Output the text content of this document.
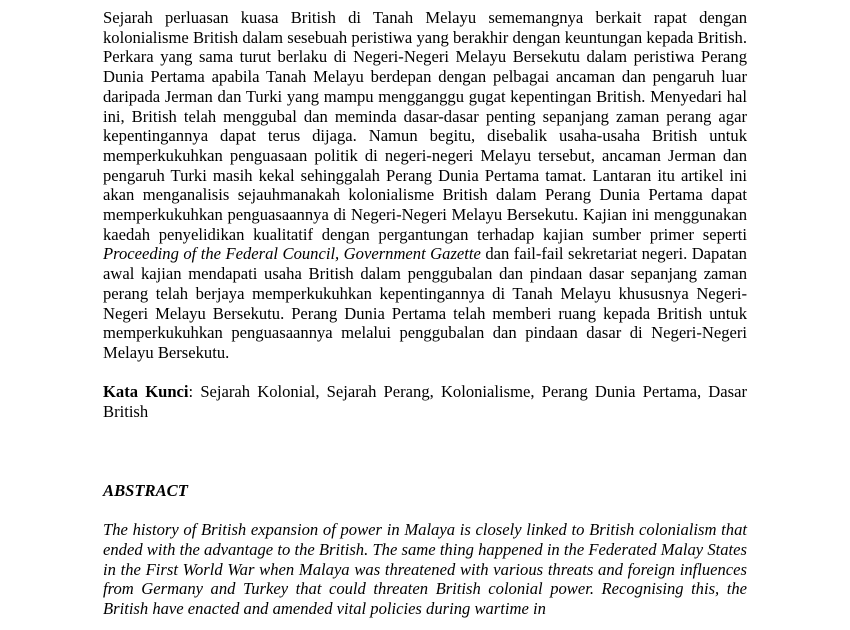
Sejarah perluasan kuasa British di Tanah Melayu sememangnya berkait rapat dengan kolonialisme British dalam sesebuah peristiwa yang berakhir dengan keuntungan kepada British. Perkara yang sama turut berlaku di Negeri-Negeri Melayu Bersekutu dalam peristiwa Perang Dunia Pertama apabila Tanah Melayu berdepan dengan pelbagai ancaman dan pengaruh luar daripada Jerman dan Turki yang mampu mengganggu gugat kepentingan British. Menyedari hal ini, British telah menggubal dan meminda dasar-dasar penting sepanjang zaman perang agar kepentingannya dapat terus dijaga. Namun begitu, disebalik usaha-usaha British untuk memperkukuhkan penguasaan politik di negeri-negeri Melayu tersebut, ancaman Jerman dan pengaruh Turki masih kekal sehinggalah Perang Dunia Pertama tamat. Lantaran itu artikel ini akan menganalisis sejauhmanakah kolonialisme British dalam Perang Dunia Pertama dapat memperkukuhkan penguasaannya di Negeri-Negeri Melayu Bersekutu. Kajian ini menggunakan kaedah penyelidikan kualitatif dengan pergantungan terhadap kajian sumber primer seperti Proceeding of the Federal Council, Government Gazette dan fail-fail sekretariat negeri. Dapatan awal kajian mendapati usaha British dalam penggubalan dan pindaan dasar sepanjang zaman perang telah berjaya memperkukuhkan kepentingannya di Tanah Melayu khususnya Negeri-Negeri Melayu Bersekutu. Perang Dunia Pertama telah memberi ruang kepada British untuk memperkukuhkan penguasaannya melalui penggubalan dan pindaan dasar di Negeri-Negeri Melayu Bersekutu.

Kata Kunci: Sejarah Kolonial, Sejarah Perang, Kolonialisme, Perang Dunia Pertama, Dasar British

ABSTRACT

The history of British expansion of power in Malaya is closely linked to British colonialism that ended with the advantage to the British. The same thing happened in the Federated Malay States in the First World War when Malaya was threatened with various threats and foreign influences from Germany and Turkey that could threaten British colonial power. Recognising this, the British have enacted and amended vital policies during wartime in
